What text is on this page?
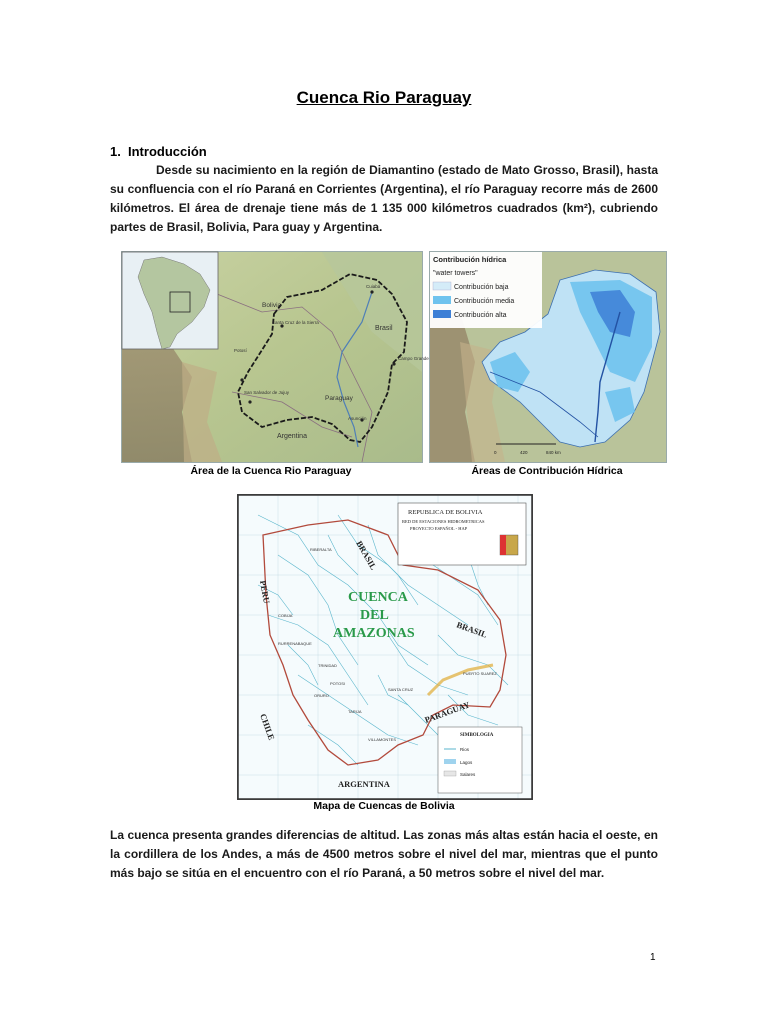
Cuenca Rio Paraguay
1. Introducción
Desde su nacimiento en la región de Diamantino (estado de Mato Grosso, Brasil), hasta su confluencia con el río Paraná en Corrientes (Argentina), el río Paraguay recorre más de 2600 kilómetros. El área de drenaje tiene más de 1 135 000 kilómetros cuadrados (km²), cubriendo partes de Brasil, Bolivia, Para guay y Argentina.
Bolivia
Santa Cruz de la Sierra
Cuiabá
Brasil
Campo Grande
Paraguay
Asunción
Argentina
Potosí
San Salvador de Jujuy
Área de la Cuenca Rio Paraguay
Contribución hídrica
"water towers"
Contribución baja
Contribución media
Contribución alta
0	420	840 km
Áreas de Contribución Hídrica
REPUBLICA DE BOLIVIA
RED DE ESTACIONES HIDROMETRICAS
PROYECTO ESPAÑOL - HAP
CUENCA
DEL
AMAZONAS
BRASIL
BRASIL
PERU
CHILE
PARAGUAY
ARGENTINA
RIBERALTA
COBIJA
RURRENABAQUE
TRINIDAD
SANTA CRUZ
PUERTO SUAREZ
VILLAMONTES
TARIJA
POTOSI
ORURO
SIMBOLOGIA
Rios
Lagos
Salares
Mapa de Cuencas de Bolivia
La cuenca presenta grandes diferencias de altitud. Las zonas más altas están hacia el oeste, en la cordillera de los Andes, a más de 4500 metros sobre el nivel del mar, mientras que el punto más bajo se sitúa en el encuentro con el río Paraná, a 50 metros sobre el nivel del mar.
1
